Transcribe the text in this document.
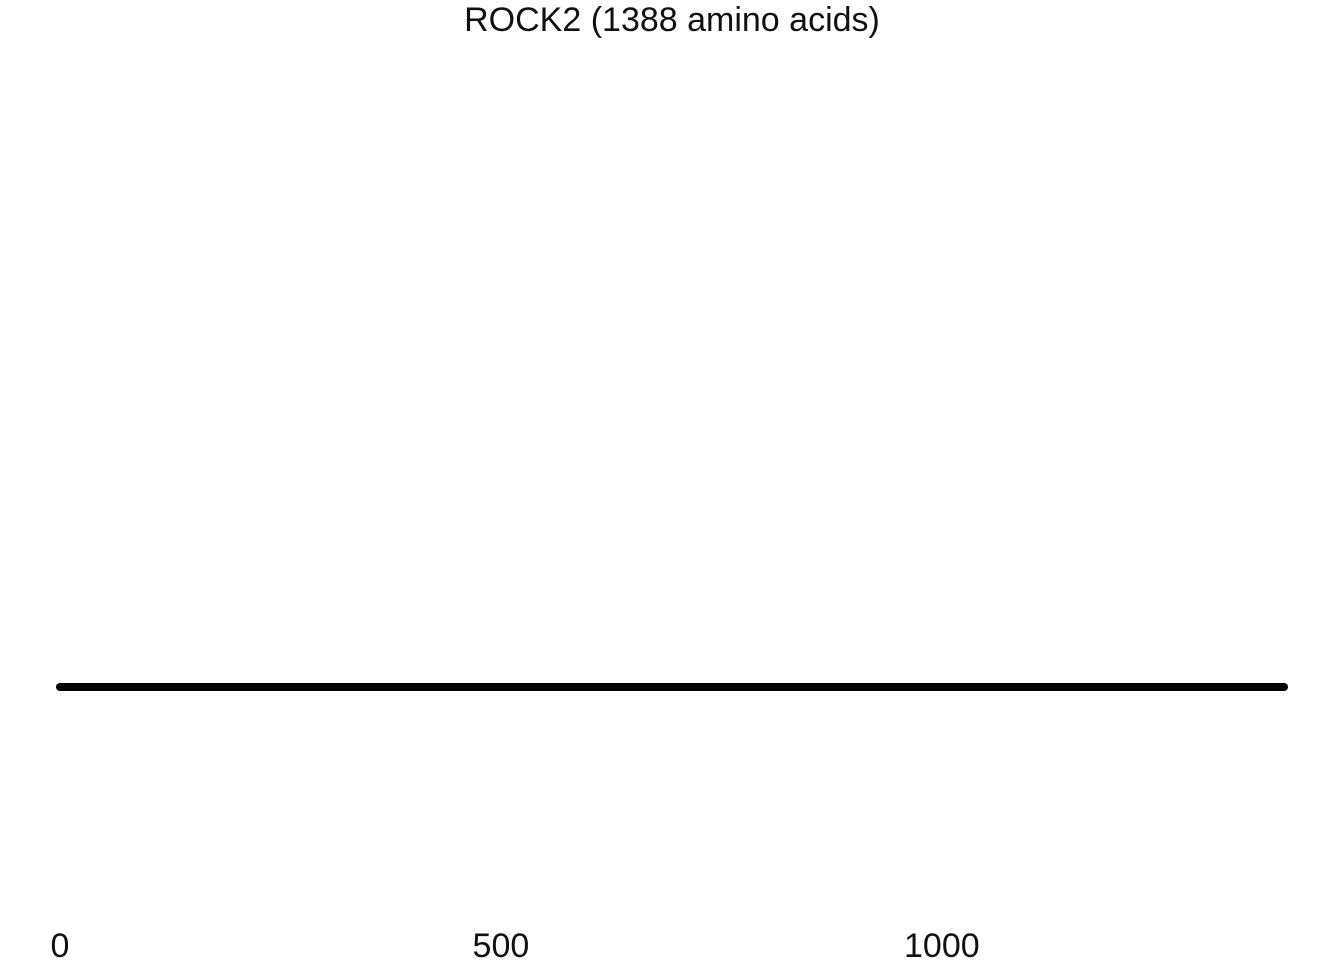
ROCK2 (1388 amino acids)
0	500	1000
